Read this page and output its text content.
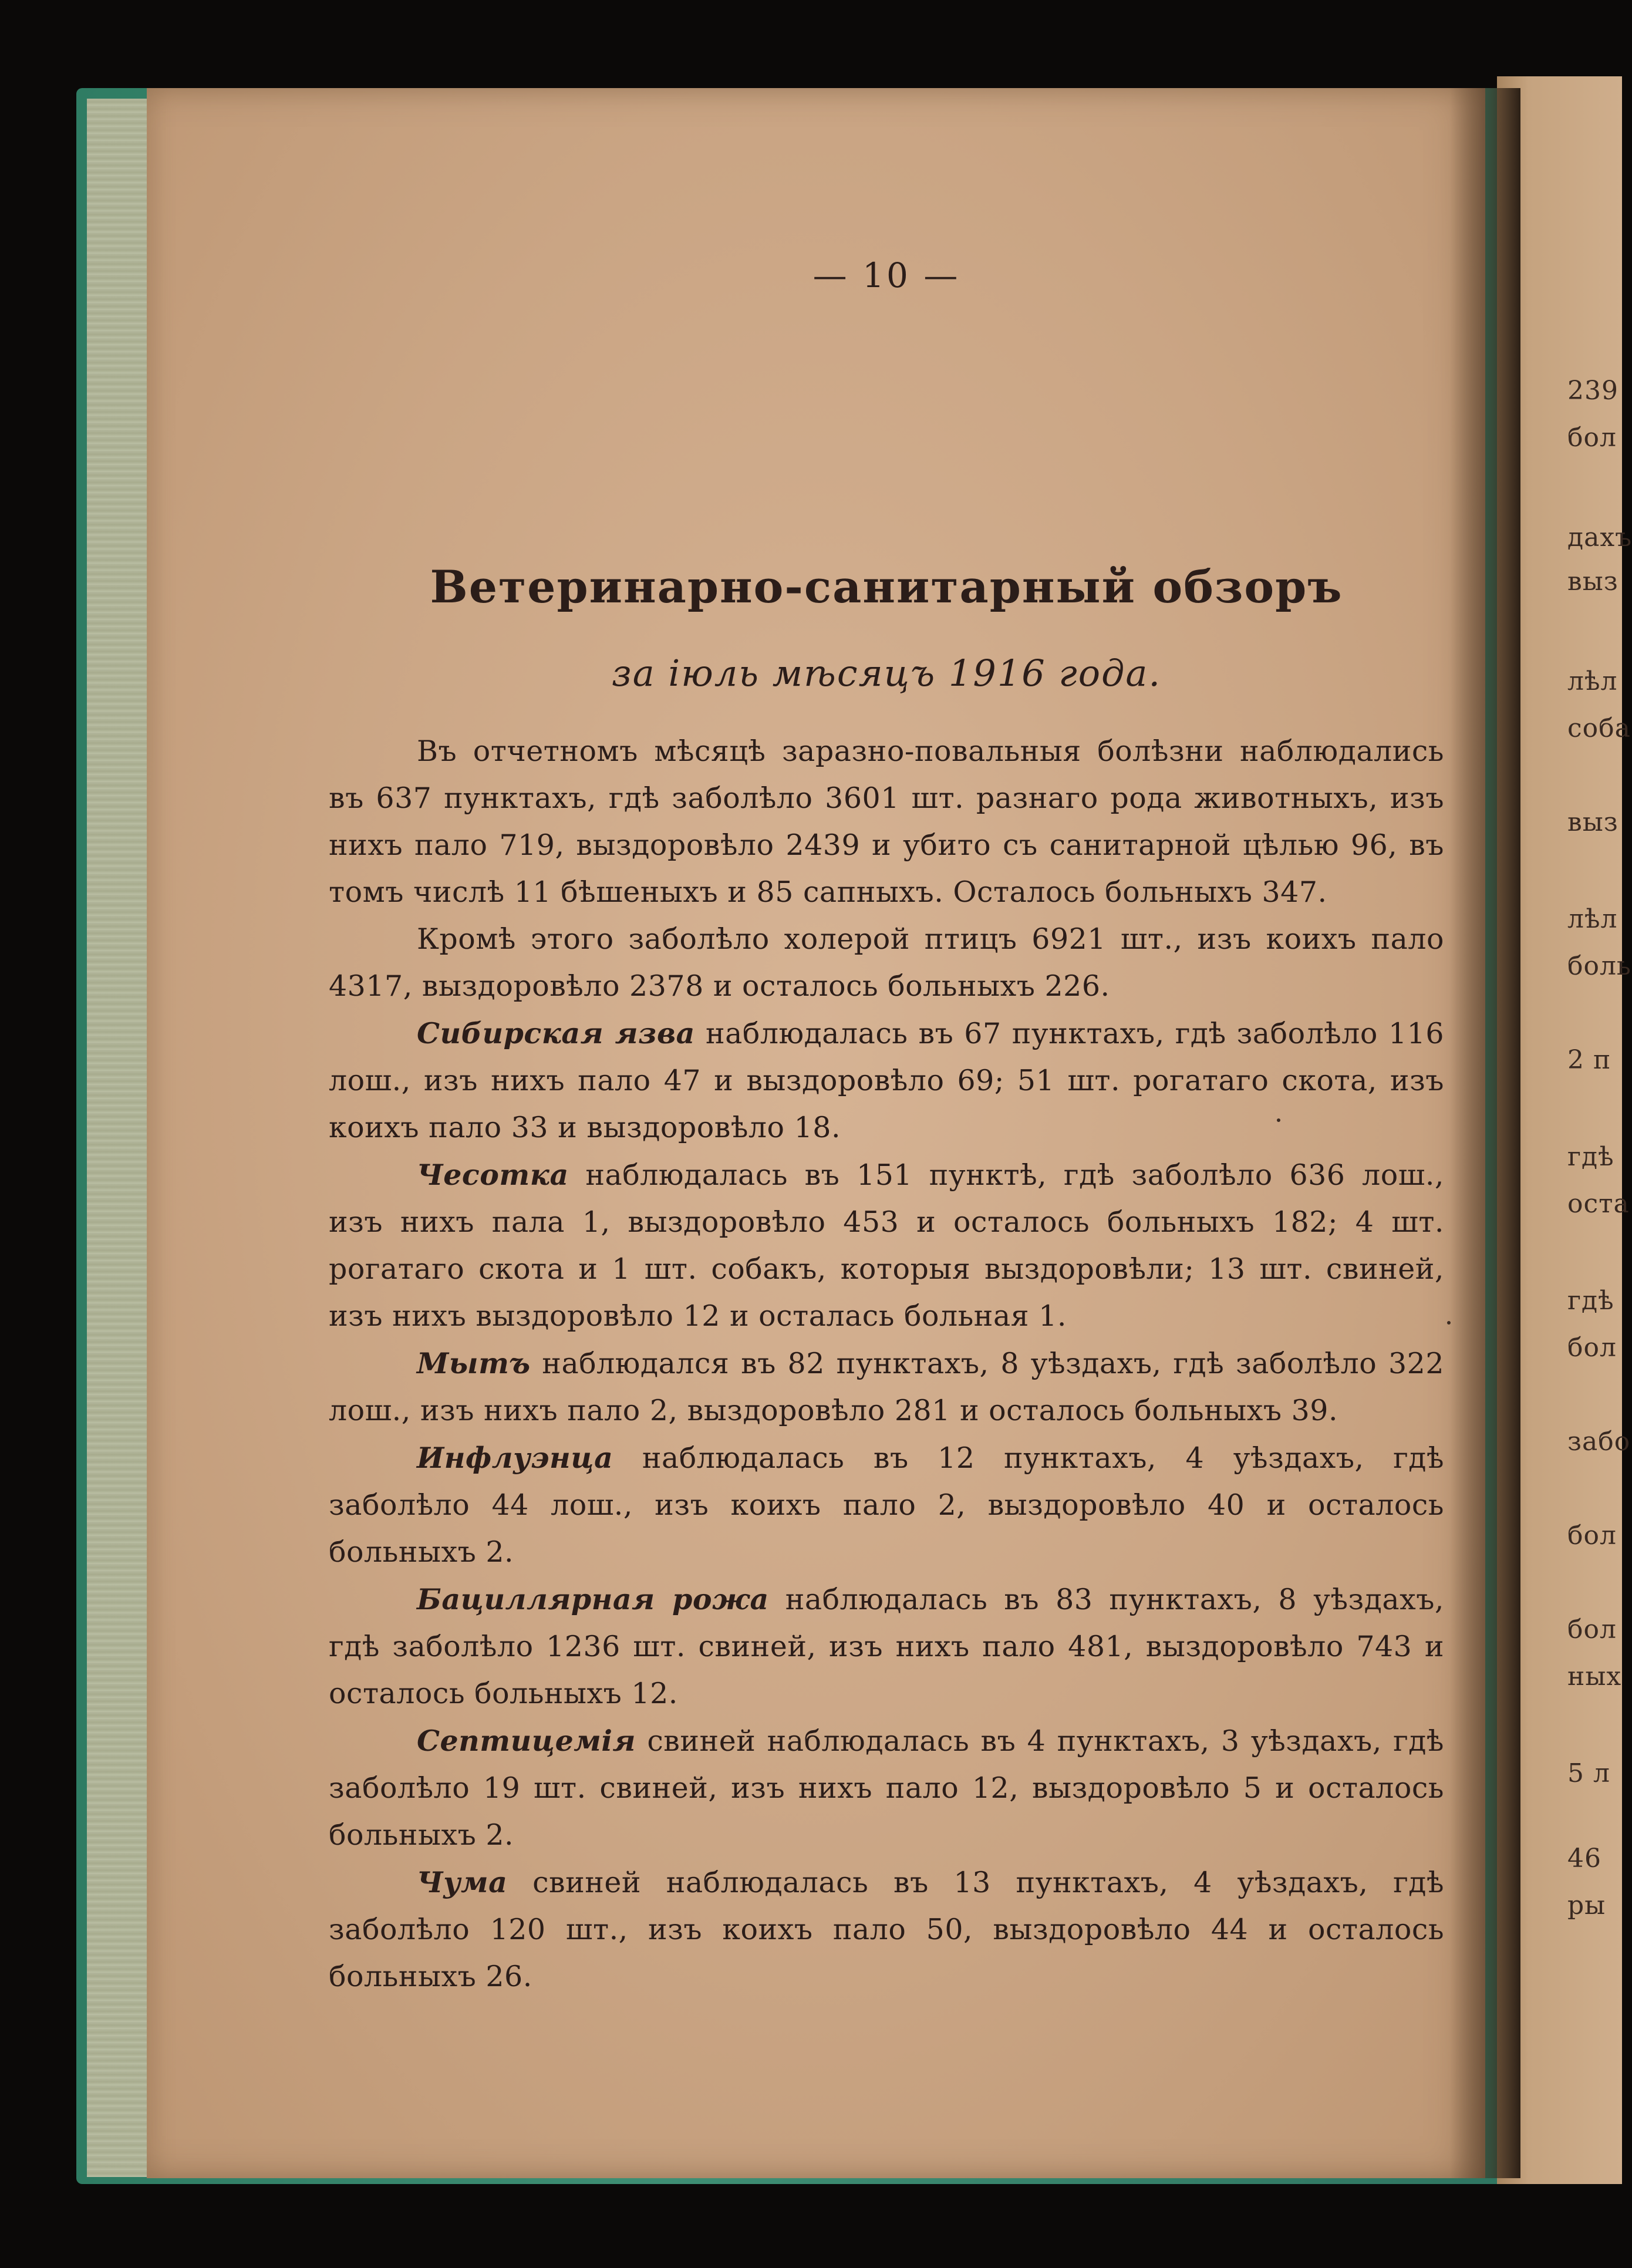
— 10 —
Ветеринарно-санитарный обзоръ
за іюль мѣсяцъ 1916 года.

Въ отчетномъ мѣсяцѣ заразно-повальныя болѣзни наблюдались въ 637 пунктахъ, гдѣ заболѣло 3601 шт. разнаго рода животныхъ, изъ нихъ пало 719, выздоровѣло 2439 и убито съ санитарной цѣлью 96, въ томъ числѣ 11 бѣшеныхъ и 85 сапныхъ. Осталось больныхъ 347.

Кромѣ этого заболѣло холерой птицъ 6921 шт., изъ коихъ пало 4317, выздоровѣло 2378 и осталось больныхъ 226.

Сибирская язва наблюдалась въ 67 пунктахъ, гдѣ заболѣло 116 лош., изъ нихъ пало 47 и выздоровѣло 69; 51 шт. рогатаго скота, изъ коихъ пало 33 и выздоровѣло 18.

Чесотка наблюдалась въ 151 пунктѣ, гдѣ заболѣло 636 лош., изъ нихъ пала 1, выздоровѣло 453 и осталось больныхъ 182; 4 шт. рогатаго скота и 1 шт. собакъ, которыя выздоровѣли; 13 шт. свиней, изъ нихъ выздоровѣло 12 и осталась больная 1.

Мытъ наблюдался въ 82 пунктахъ, 8 уѣздахъ, гдѣ заболѣло 322 лош., изъ нихъ пало 2, выздоровѣло 281 и осталось больныхъ 39.

Инфлуэнца наблюдалась въ 12 пунктахъ, 4 уѣздахъ, гдѣ заболѣло 44 лош., изъ коихъ пало 2, выздоровѣло 40 и осталось больныхъ 2.

Бациллярная рожа наблюдалась въ 83 пунктахъ, 8 уѣздахъ, гдѣ заболѣло 1236 шт. свиней, изъ нихъ пало 481, выздоровѣло 743 и осталось больныхъ 12.

Септицемія свиней наблюдалась въ 4 пунктахъ, 3 уѣздахъ, гдѣ заболѣло 19 шт. свиней, изъ нихъ пало 12, выздоровѣло 5 и осталось больныхъ 2.

Чума свиней наблюдалась въ 13 пунктахъ, 4 уѣздахъ, гдѣ заболѣло 120 шт., изъ коихъ пало 50, выздоровѣло 44 и осталось больныхъ 26.

239
бол
дахъ
выз
лѣл
соба
выз
лѣл
боль
2 п
гдѣ
оста
гдѣ
бол
забо
бол
бол
ных
5 л
46
ры
